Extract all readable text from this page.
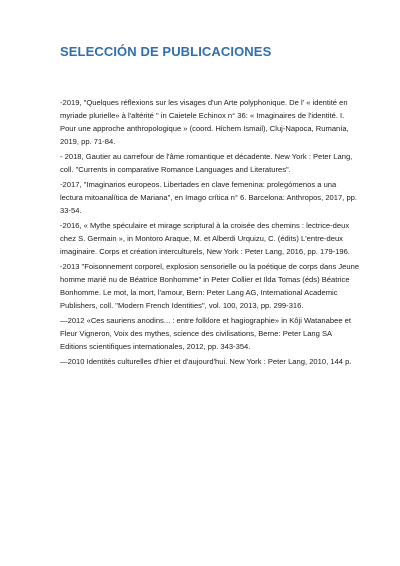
SELECCIÓN DE PUBLICACIONES

-2019, "Quelques réflexions sur les visages d'un Arte polyphonique. De l' « identité en myriade plurielle» à l'altérité " in Caietele Echinox n° 36: « Imaginaires de l'identité. I. Pour une approche anthropologique » (coord. Hichem Ismail), Cluj-Napoca, Rumanía, 2019, pp. 71-84.

- 2018, Gautier au carrefour de l'âme romantique et décadente. New York : Peter Lang, coll. "Currents in comparative Romance Languages and Literatures".

-2017, "Imaginarios europeos. Libertades en clave femenina: prolegómenos a una lectura mitoanalítica de Mariana", en Imago crítica n° 6. Barcelona: Anthropos, 2017, pp. 33-54.

-2016, « Mythe spéculaire et mirage scriptural à la croisée des chemins : lectrice-deux chez S. Germain », in Montoro Araque, M. et Alberdi Urquizu, C. (édits) L'entre-deux imaginaire. Corps et création interculturels, New York : Peter Lang, 2016, pp. 179-196.

-2013 "Foisonnement corporel, explosion sensorielle ou la poétique de corps dans Jeune homme marié nu de Béatrice Bonhomme" in Peter Collier et Ilda Tomas (éds) Béatrice Bonhomme. Le mot, la mort, l'amour, Bern: Peter Lang AG, International Academic Publishers, coll. "Modern French Identities", vol. 100, 2013, pp. 299-316.

—2012 «Ces sauriens anodins... : entre folklore et hagiographie» in Kôji Watanabee et Fleur Vigneron, Voix des mythes, science des civilisations, Berne: Peter Lang SA Editions scientifiques internationales, 2012, pp. 343-354.

—2010 Identités culturelles d'hier et d'aujourd'hui. New York : Peter Lang, 2010, 144 p.
